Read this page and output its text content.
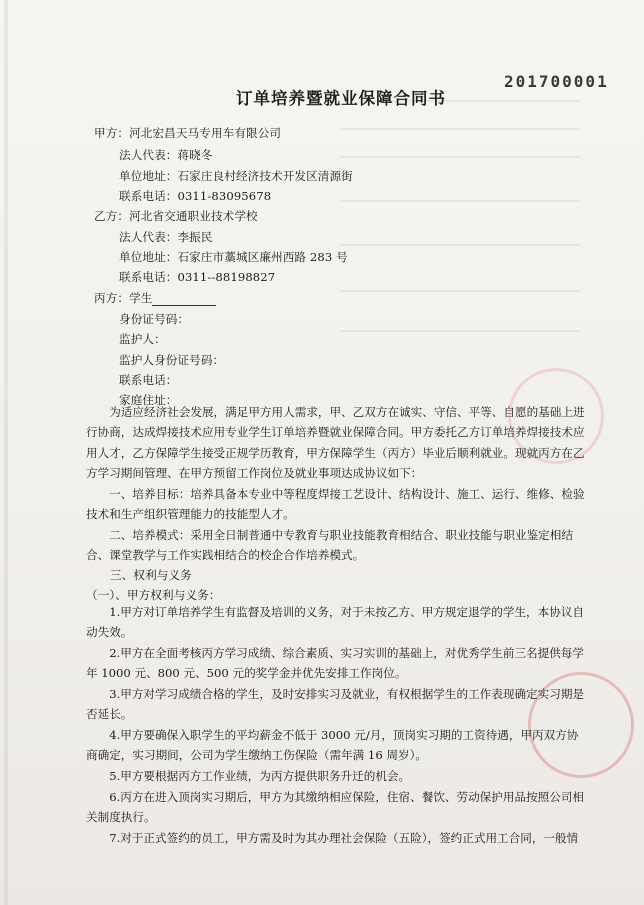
201700001
订单培养暨就业保障合同书
甲方：河北宏昌天马专用车有限公司
法人代表：蒋晓冬
单位地址：石家庄良村经济技术开发区清源街
联系电话：0311-83095678
乙方：河北省交通职业技术学校
法人代表：李振民
单位地址：石家庄市藁城区廉州西路 283 号
联系电话：0311--88198827
丙方：学生
身份证号码：
监护人：
监护人身份证号码：
联系电话：
家庭住址：
为适应经济社会发展，满足甲方用人需求，甲、乙双方在诚实、守信、平等、自愿的基础上进行协商，达成焊接技术应用专业学生订单培养暨就业保障合同。甲方委托乙方订单培养焊接技术应用人才，乙方保障学生接受正规学历教育，甲方保障学生（丙方）毕业后顺利就业。现就丙方在乙方学习期间管理、在甲方预留工作岗位及就业事项达成协议如下：
一、培养目标：培养具备本专业中等程度焊接工艺设计、结构设计、施工、运行、维修、检验技术和生产组织管理能力的技能型人才。
二、培养模式：采用全日制普通中专教育与职业技能教育相结合、职业技能与职业鉴定相结合、课堂教学与工作实践相结合的校企合作培养模式。
三、权利与义务
（一）、甲方权利与义务：
1.甲方对订单培养学生有监督及培训的义务，对于未按乙方、甲方规定退学的学生，本协议自动失效。
2.甲方在全面考核丙方学习成绩、综合素质、实习实训的基础上，对优秀学生前三名提供每学年 1000 元、800 元、500 元的奖学金并优先安排工作岗位。
3.甲方对学习成绩合格的学生，及时安排实习及就业，有权根据学生的工作表现确定实习期是否延长。
4.甲方要确保入职学生的平均薪金不低于 3000 元/月，顶岗实习期的工资待遇，甲丙双方协商确定，实习期间，公司为学生缴纳工伤保险（需年满 16 周岁）。
5.甲方要根据丙方工作业绩，为丙方提供职务升迁的机会。
6.丙方在进入顶岗实习期后，甲方为其缴纳相应保险，住宿、餐饮、劳动保护用品按照公司相关制度执行。
7.对于正式签约的员工，甲方需及时为其办理社会保险（五险），签约正式用工合同，一般情
